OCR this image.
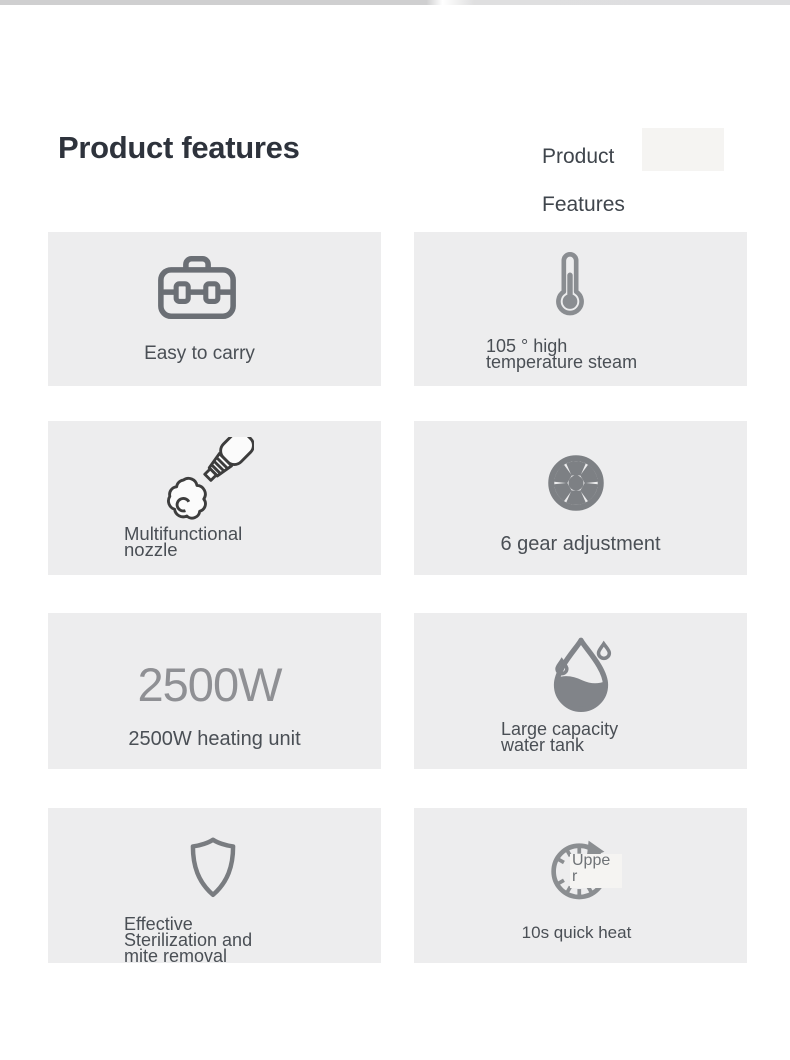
Product features	Product
Features
Easy to carry	105 ° high
temperature steam
Multifunctional
nozzle	6 gear adjustment
2500W
2500W heating unit	Large capacity
water tank
Effective
Sterilization and
mite removal
Uppe
r
10s quick heat
